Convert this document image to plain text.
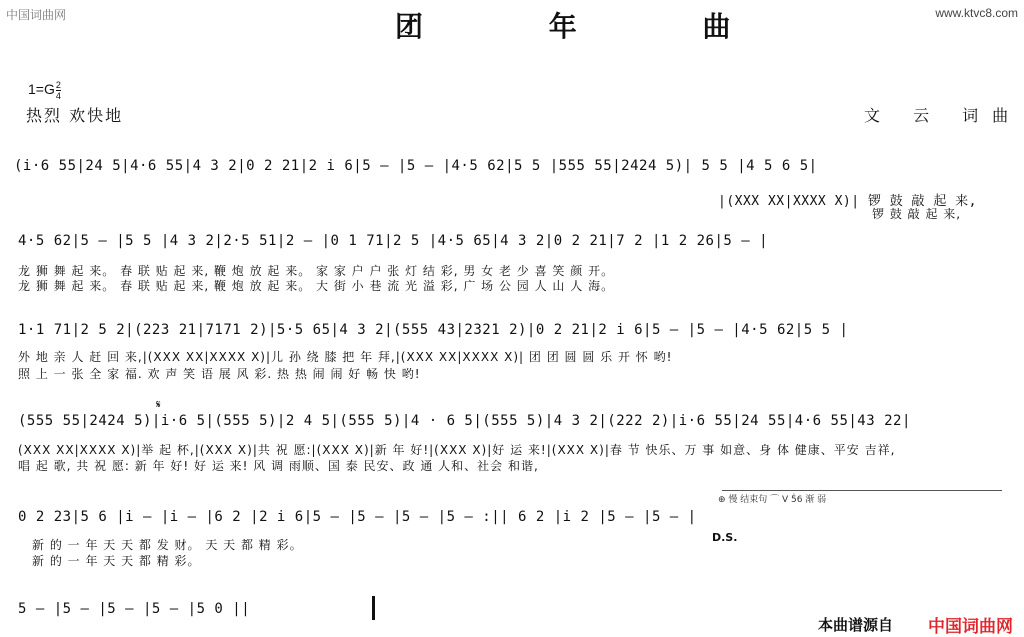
中国词曲网	www.ktvc8.com
团 年 曲
$1=G \frac{2}{4}$
热烈 欢快地	文 云 词曲
(i·6 55|24 5|4·6 55|4 3 2|0 2 21|2 i 6|5 — |5 — |4·5 62|5 5 |555 55|2424 5)| 5 5 |4 5 6 5|
|(XXX XX|XXXX X)| 锣 鼓 敲 起 来,
锣 鼓 敲 起 来,
4·5 62|5 — |5 5 |4 3 2|2·5 51|2 — |0 1 71|2 5 |4·5 65|4 3 2|0 2 21|7 2 |1 2 26|5 — |
龙 狮 舞 起 来。 春 联 贴 起 来, 鞭 炮 放 起 来。 家 家 户 户 张 灯 结 彩, 男 女 老 少 喜 笑 颜 开。
龙 狮 舞 起 来。 春 联 贴 起 来, 鞭 炮 放 起 来。 大 街 小 巷 流 光 溢 彩, 广 场 公 园 人 山 人 海。
1·1 71|2 5 2|(223 21|7171 2)|5·5 65|4 3 2|(555 43|2321 2)|0 2 21|2 i 6|5 — |5 — |4·5 62|5 5 |
外 地 亲 人 赶 回 来,|(XXX XX|XXXX X)|儿 孙 绕 膝 把 年 拜,|(XXX XX|XXXX X)| 团 团 圆 圆 乐 开 怀 哟!
照 上 一 张 全 家 福. 欢 声 笑 语 展 风 彩. 热 热 闹 闹 好 畅 快 哟!
𝄋
(555 55|2424 5)|i·6 5|(555 5)|2 4 5|(555 5)|4 · 6 5|(555 5)|4 3 2|(222 2)|i·6 55|24 55|4·6 55|43 22|
(XXX XX|XXXX X)|举 起 杯,|(XXX X)|共 祝 愿:|(XXX X)|新 年 好!|(XXX X)|好 运 来!|(XXX X)|春 节 快乐、万 事 如意、身 体 健康、平安 吉祥,
唱 起 歌, 共 祝 愿: 新 年 好! 好 运 来! 风 调 雨顺、国 泰 民安、政 通 人和、社会 和谐,
⊕ 慢 结束句 ⌒ V 5̇6 渐 弱
0 2 23|5 6 |i — |i — |6 2 |2 i 6|5 — |5 — |5 — |5 — :|| 6 2 |i 2 |5 — |5 — |
D.S.
新 的 一 年 天 天 都 发 财。 天 天 都 精 彩。
新 的 一 年 天 天 都 精 彩。
5 — |5 — |5 — |5 — |5 0 ||
本曲谱源自 中国词曲网
